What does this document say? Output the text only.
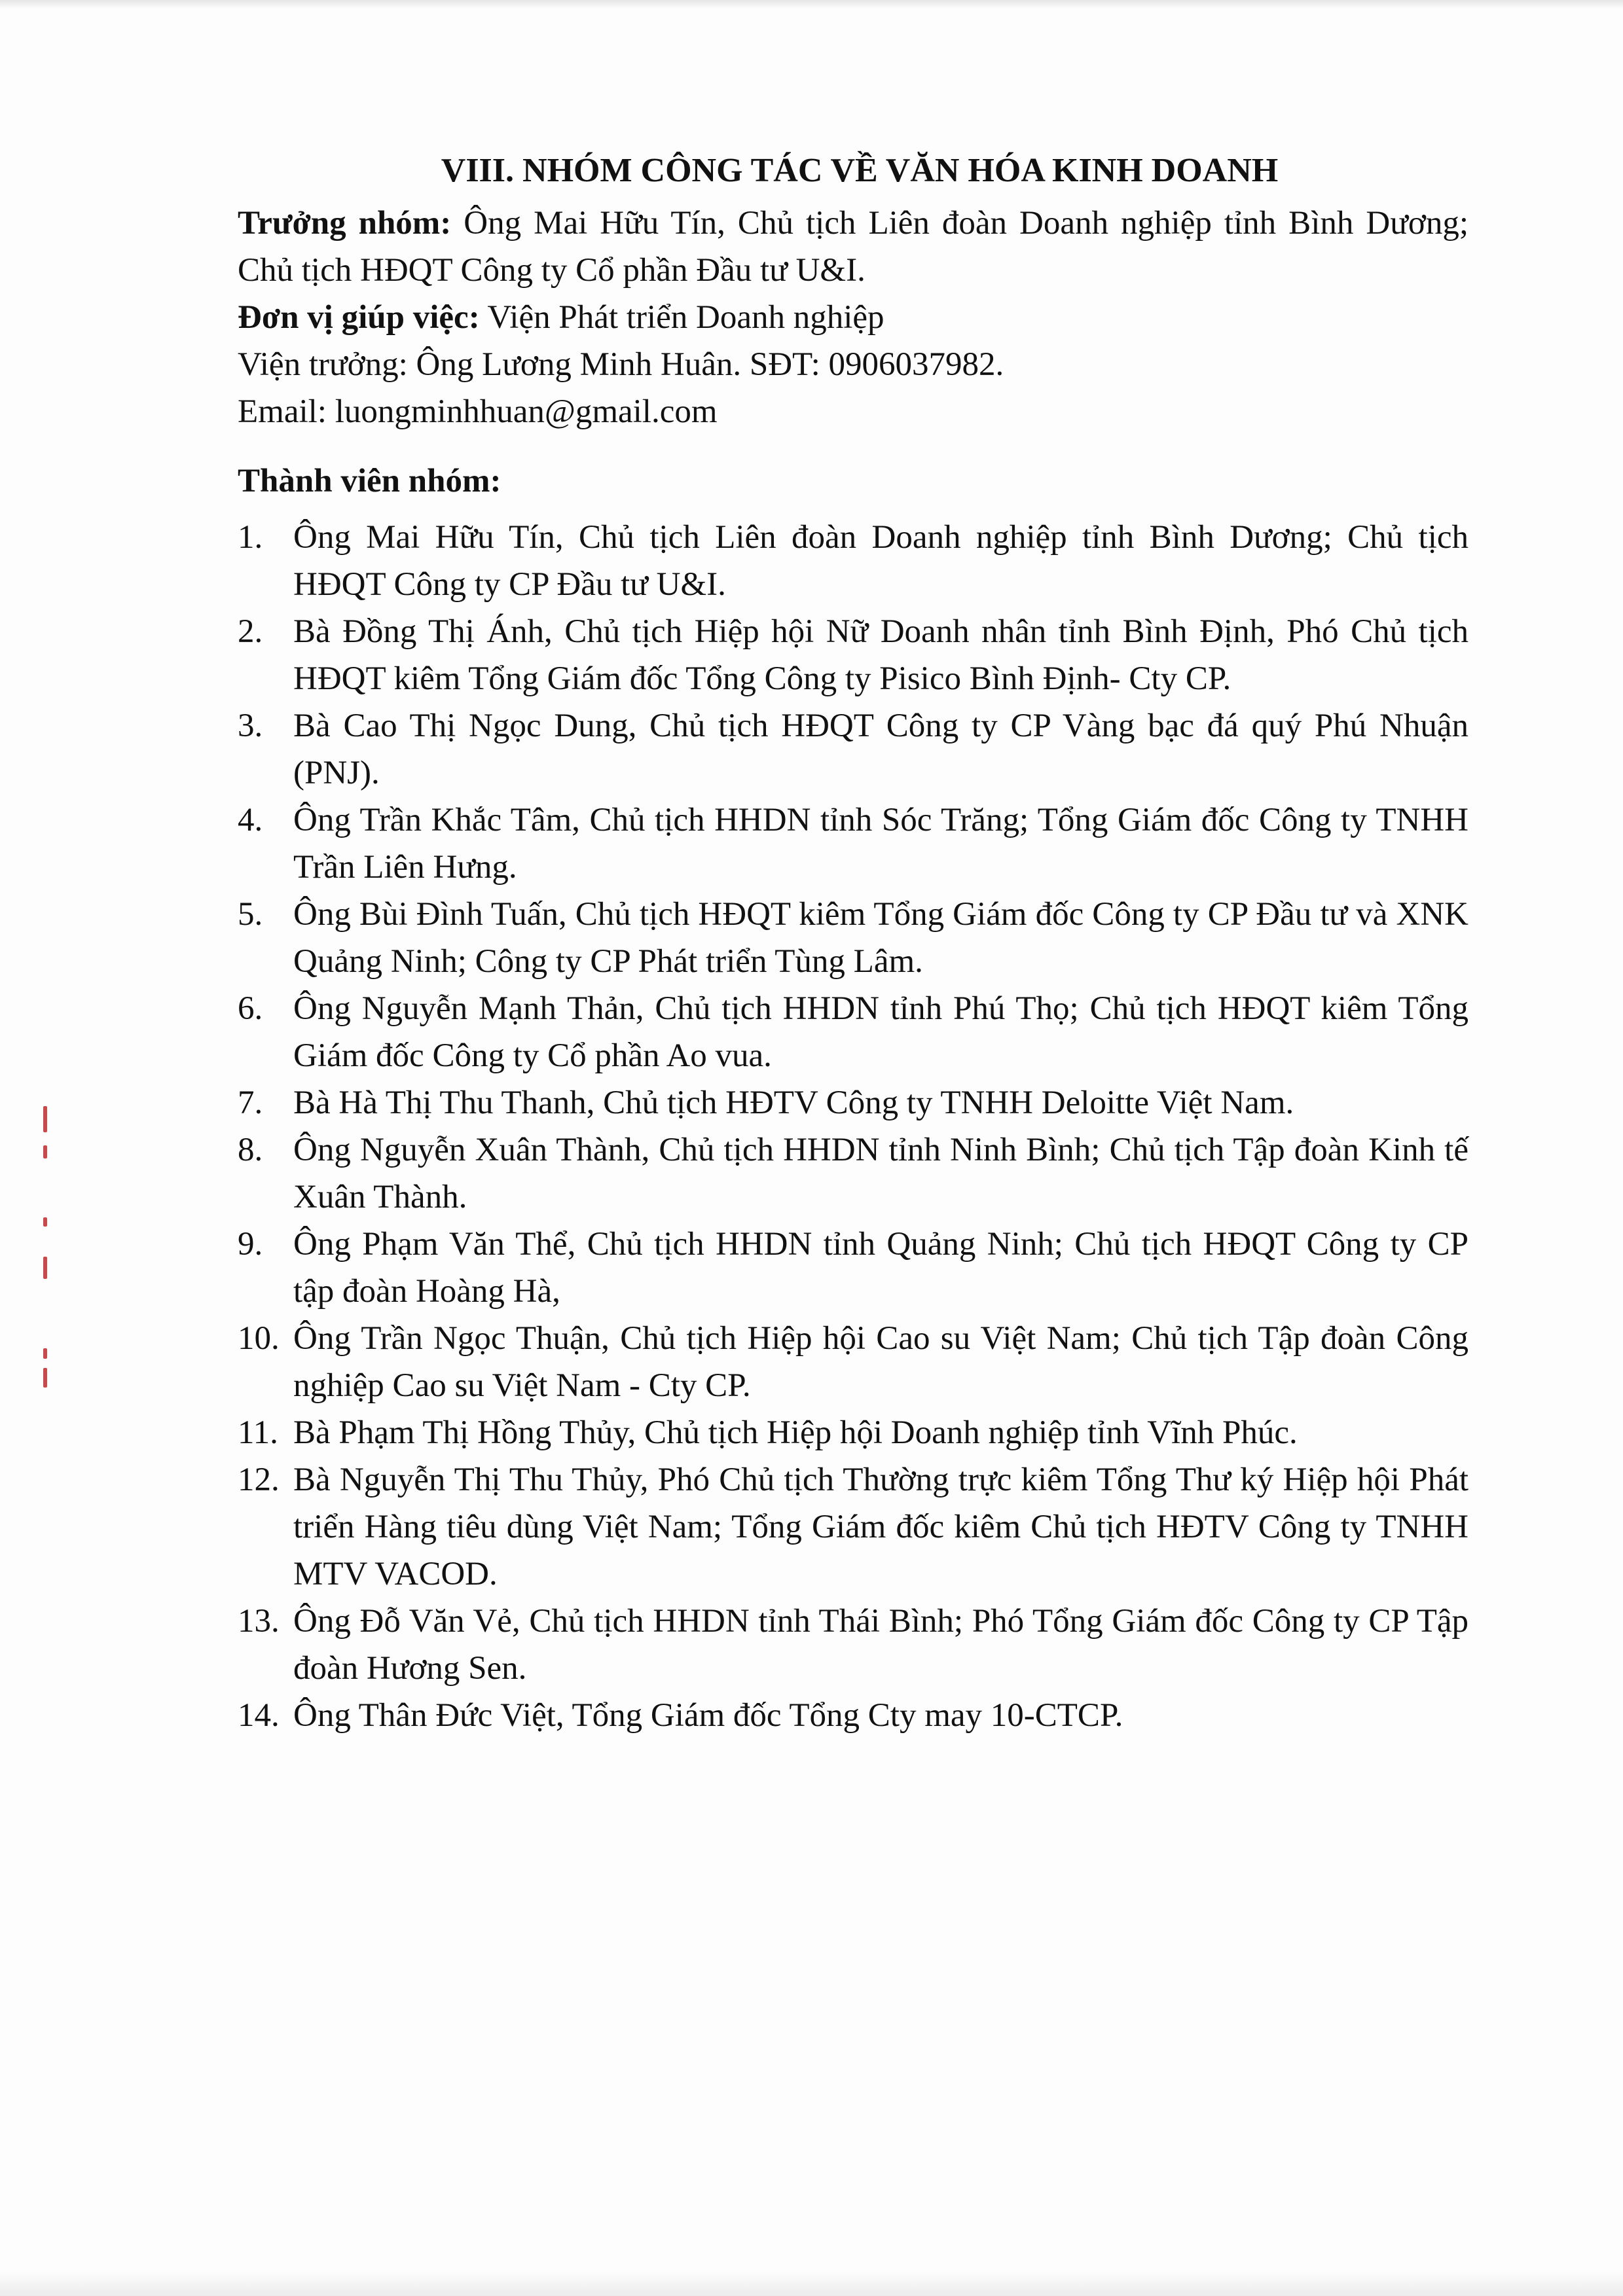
VIII. NHÓM CÔNG TÁC VỀ VĂN HÓA KINH DOANH

Trưởng nhóm: Ông Mai Hữu Tín, Chủ tịch Liên đoàn Doanh nghiệp tỉnh Bình Dương; Chủ tịch HĐQT Công ty Cổ phần Đầu tư U&I.

Đơn vị giúp việc: Viện Phát triển Doanh nghiệp

Viện trưởng: Ông Lương Minh Huân. SĐT: 0906037982.

Email: luongminhhuan@gmail.com

Thành viên nhóm:

1. Ông Mai Hữu Tín, Chủ tịch Liên đoàn Doanh nghiệp tỉnh Bình Dương; Chủ tịch HĐQT Công ty CP Đầu tư U&I.
2. Bà Đồng Thị Ánh, Chủ tịch Hiệp hội Nữ Doanh nhân tỉnh Bình Định, Phó Chủ tịch HĐQT kiêm Tổng Giám đốc Tổng Công ty Pisico Bình Định- Cty CP.
3. Bà Cao Thị Ngọc Dung, Chủ tịch HĐQT Công ty CP Vàng bạc đá quý Phú Nhuận (PNJ).
4. Ông Trần Khắc Tâm, Chủ tịch HHDN tỉnh Sóc Trăng; Tổng Giám đốc Công ty TNHH Trần Liên Hưng.
5. Ông Bùi Đình Tuấn, Chủ tịch HĐQT kiêm Tổng Giám đốc Công ty CP Đầu tư và XNK Quảng Ninh; Công ty CP Phát triển Tùng Lâm.
6. Ông Nguyễn Mạnh Thản, Chủ tịch HHDN tỉnh Phú Thọ; Chủ tịch HĐQT kiêm Tổng Giám đốc Công ty Cổ phần Ao vua.
7. Bà Hà Thị Thu Thanh, Chủ tịch HĐTV Công ty TNHH Deloitte Việt Nam.
8. Ông Nguyễn Xuân Thành, Chủ tịch HHDN tỉnh Ninh Bình; Chủ tịch Tập đoàn Kinh tế Xuân Thành.
9. Ông Phạm Văn Thể, Chủ tịch HHDN tỉnh Quảng Ninh; Chủ tịch HĐQT Công ty CP tập đoàn Hoàng Hà,
10. Ông Trần Ngọc Thuận, Chủ tịch Hiệp hội Cao su Việt Nam; Chủ tịch Tập đoàn Công nghiệp Cao su Việt Nam - Cty CP.
11. Bà Phạm Thị Hồng Thủy, Chủ tịch Hiệp hội Doanh nghiệp tỉnh Vĩnh Phúc.
12. Bà Nguyễn Thị Thu Thủy, Phó Chủ tịch Thường trực kiêm Tổng Thư ký Hiệp hội Phát triển Hàng tiêu dùng Việt Nam; Tổng Giám đốc kiêm Chủ tịch HĐTV Công ty TNHH MTV VACOD.
13. Ông Đỗ Văn Vẻ, Chủ tịch HHDN tỉnh Thái Bình; Phó Tổng Giám đốc Công ty CP Tập đoàn Hương Sen.
14. Ông Thân Đức Việt, Tổng Giám đốc Tổng Cty may 10-CTCP.
